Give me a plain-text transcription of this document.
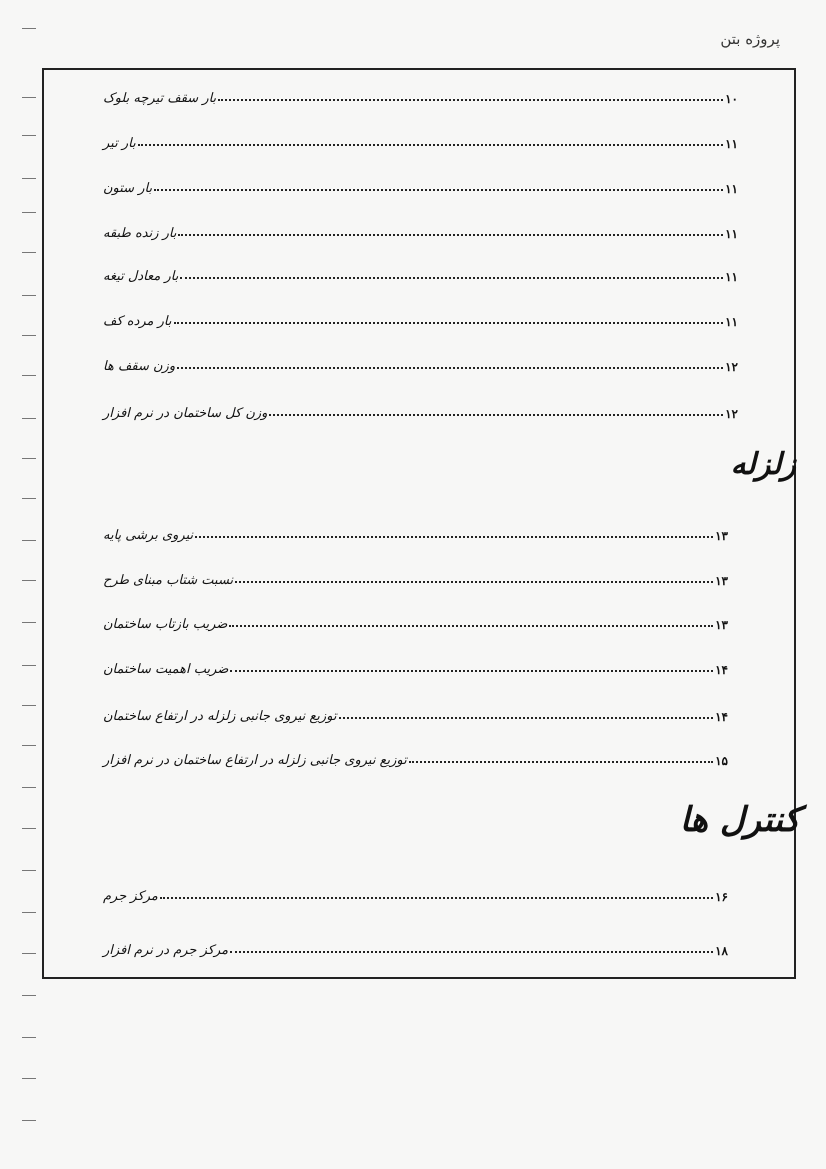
پروژه بتن
بار سقف تیرچه بلوک	۱۰
بار تیر	۱۱
بار ستون	۱۱
بار زنده طبقه	۱۱
بار معادل تیغه	۱۱
بار مرده کف	۱۱
وزن سقف ها	۱۲
وزن کل ساختمان در نرم افزار	۱۲
زلزله
نیروی برشی پایه	۱۳
نسبت شتاب مبنای طرح	۱۳
ضریب بازتاب ساختمان	۱۳
ضریب اهمیت ساختمان	۱۴
توزیع نیروی جانبی زلزله در ارتفاع ساختمان	۱۴
توزیع نیروی جانبی زلزله در ارتفاع ساختمان در نرم افزار	۱۵
کنترل ها
مرکز جرم	۱۶
مرکز جرم در نرم افزار	۱۸
